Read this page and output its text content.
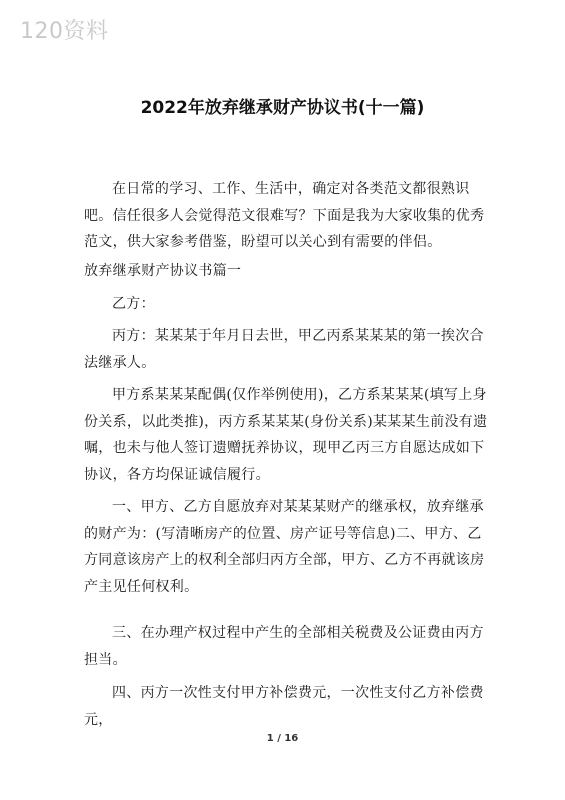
120资料
2022年放弃继承财产协议书(十一篇)

在日常的学习、工作、生活中，确定对各类范文都很熟识吧。信任很多人会觉得范文很难写？下面是我为大家收集的优秀范文，供大家参考借鉴，盼望可以关心到有需要的伴侣。

放弃继承财产协议书篇一

乙方：

丙方：某某某于年月日去世，甲乙丙系某某某的第一挨次合法继承人。

甲方系某某某配偶(仅作举例使用)，乙方系某某某(填写上身份关系，以此类推)，丙方系某某某(身份关系)某某某生前没有遗嘱，也未与他人签订遗赠抚养协议，现甲乙丙三方自愿达成如下协议，各方均保证诚信履行。

一、甲方、乙方自愿放弃对某某某财产的继承权，放弃继承的财产为：(写清晰房产的位置、房产证号等信息)二、甲方、乙方同意该房产上的权利全部归丙方全部，甲方、乙方不再就该房产主见任何权利。

三、在办理产权过程中产生的全部相关税费及公证费由丙方担当。

四、丙方一次性支付甲方补偿费元，一次性支付乙方补偿费元，

1 / 16
